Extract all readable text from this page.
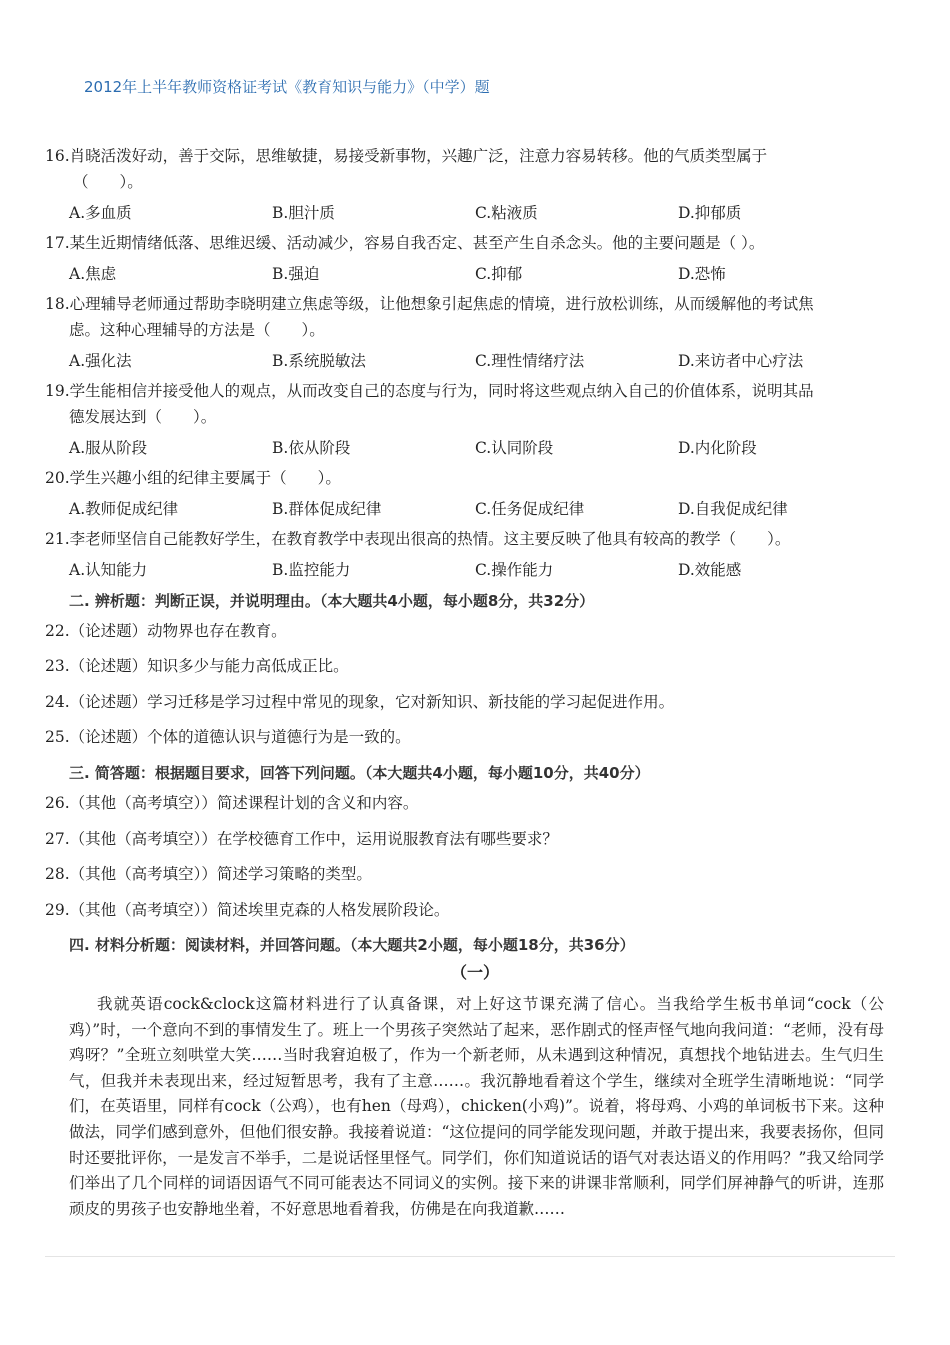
2012年上半年教师资格证考试《教育知识与能力》（中学）题
16.肖晓活泼好动，善于交际，思维敏捷，易接受新事物，兴趣广泛，注意力容易转移。他的气质类型属于
（　　）。
A.多血质	B.胆汁质	C.粘液质	D.抑郁质
17.某生近期情绪低落、思维迟缓、活动减少，容易自我否定、甚至产生自杀念头。他的主要问题是（ ）。
A.焦虑	B.强迫	C.抑郁	D.恐怖
18.心理辅导老师通过帮助李晓明建立焦虑等级，让他想象引起焦虑的情境，进行放松训练，从而缓解他的考试焦
虑。这种心理辅导的方法是（　　）。
A.强化法	B.系统脱敏法	C.理性情绪疗法	D.来访者中心疗法
19.学生能相信并接受他人的观点，从而改变自己的态度与行为，同时将这些观点纳入自己的价值体系，说明其品
德发展达到（　　）。
A.服从阶段	B.依从阶段	C.认同阶段	D.内化阶段
20.学生兴趣小组的纪律主要属于（　　）。
A.教师促成纪律	B.群体促成纪律	C.任务促成纪律	D.自我促成纪律
21.李老师坚信自己能教好学生，在教育教学中表现出很高的热情。这主要反映了他具有较高的教学（　　）。
A.认知能力	B.监控能力	C.操作能力	D.效能感
二. 辨析题：判断正误，并说明理由。（本大题共4小题，每小题8分，共32分）
22.（论述题）动物界也存在教育。
23.（论述题）知识多少与能力高低成正比。
24.（论述题）学习迁移是学习过程中常见的现象，它对新知识、新技能的学习起促进作用。
25.（论述题）个体的道德认识与道德行为是一致的。
三. 简答题：根据题目要求，回答下列问题。（本大题共4小题，每小题10分，共40分）
26.（其他（高考填空））简述课程计划的含义和内容。
27.（其他（高考填空））在学校德育工作中，运用说服教育法有哪些要求？
28.（其他（高考填空））简述学习策略的类型。
29.（其他（高考填空））简述埃里克森的人格发展阶段论。
四. 材料分析题：阅读材料，并回答问题。（本大题共2小题，每小题18分，共36分）
（一）
我就英语cock&clock这篇材料进行了认真备课，对上好这节课充满了信心。当我给学生板书单词“cock（公鸡）”时，一个意向不到的事情发生了。班上一个男孩子突然站了起来，恶作剧式的怪声怪气地向我问道：“老师，没有母鸡呀？”全班立刻哄堂大笑……当时我窘迫极了，作为一个新老师，从未遇到这种情况，真想找个地钻进去。生气归生气，但我并未表现出来，经过短暂思考，我有了主意……。我沉静地看着这个学生，继续对全班学生清晰地说：“同学们，在英语里，同样有cock（公鸡），也有hen（母鸡），chicken(小鸡)”。说着，将母鸡、小鸡的单词板书下来。这种做法，同学们感到意外，但他们很安静。我接着说道：“这位提问的同学能发现问题，并敢于提出来，我要表扬你，但同时还要批评你，一是发言不举手，二是说话怪里怪气。同学们，你们知道说话的语气对表达语义的作用吗？”我又给同学们举出了几个同样的词语因语气不同可能表达不同词义的实例。接下来的讲课非常顺利，同学们屏神静气的听讲，连那顽皮的男孩子也安静地坐着，不好意思地看着我，仿佛是在向我道歉……
